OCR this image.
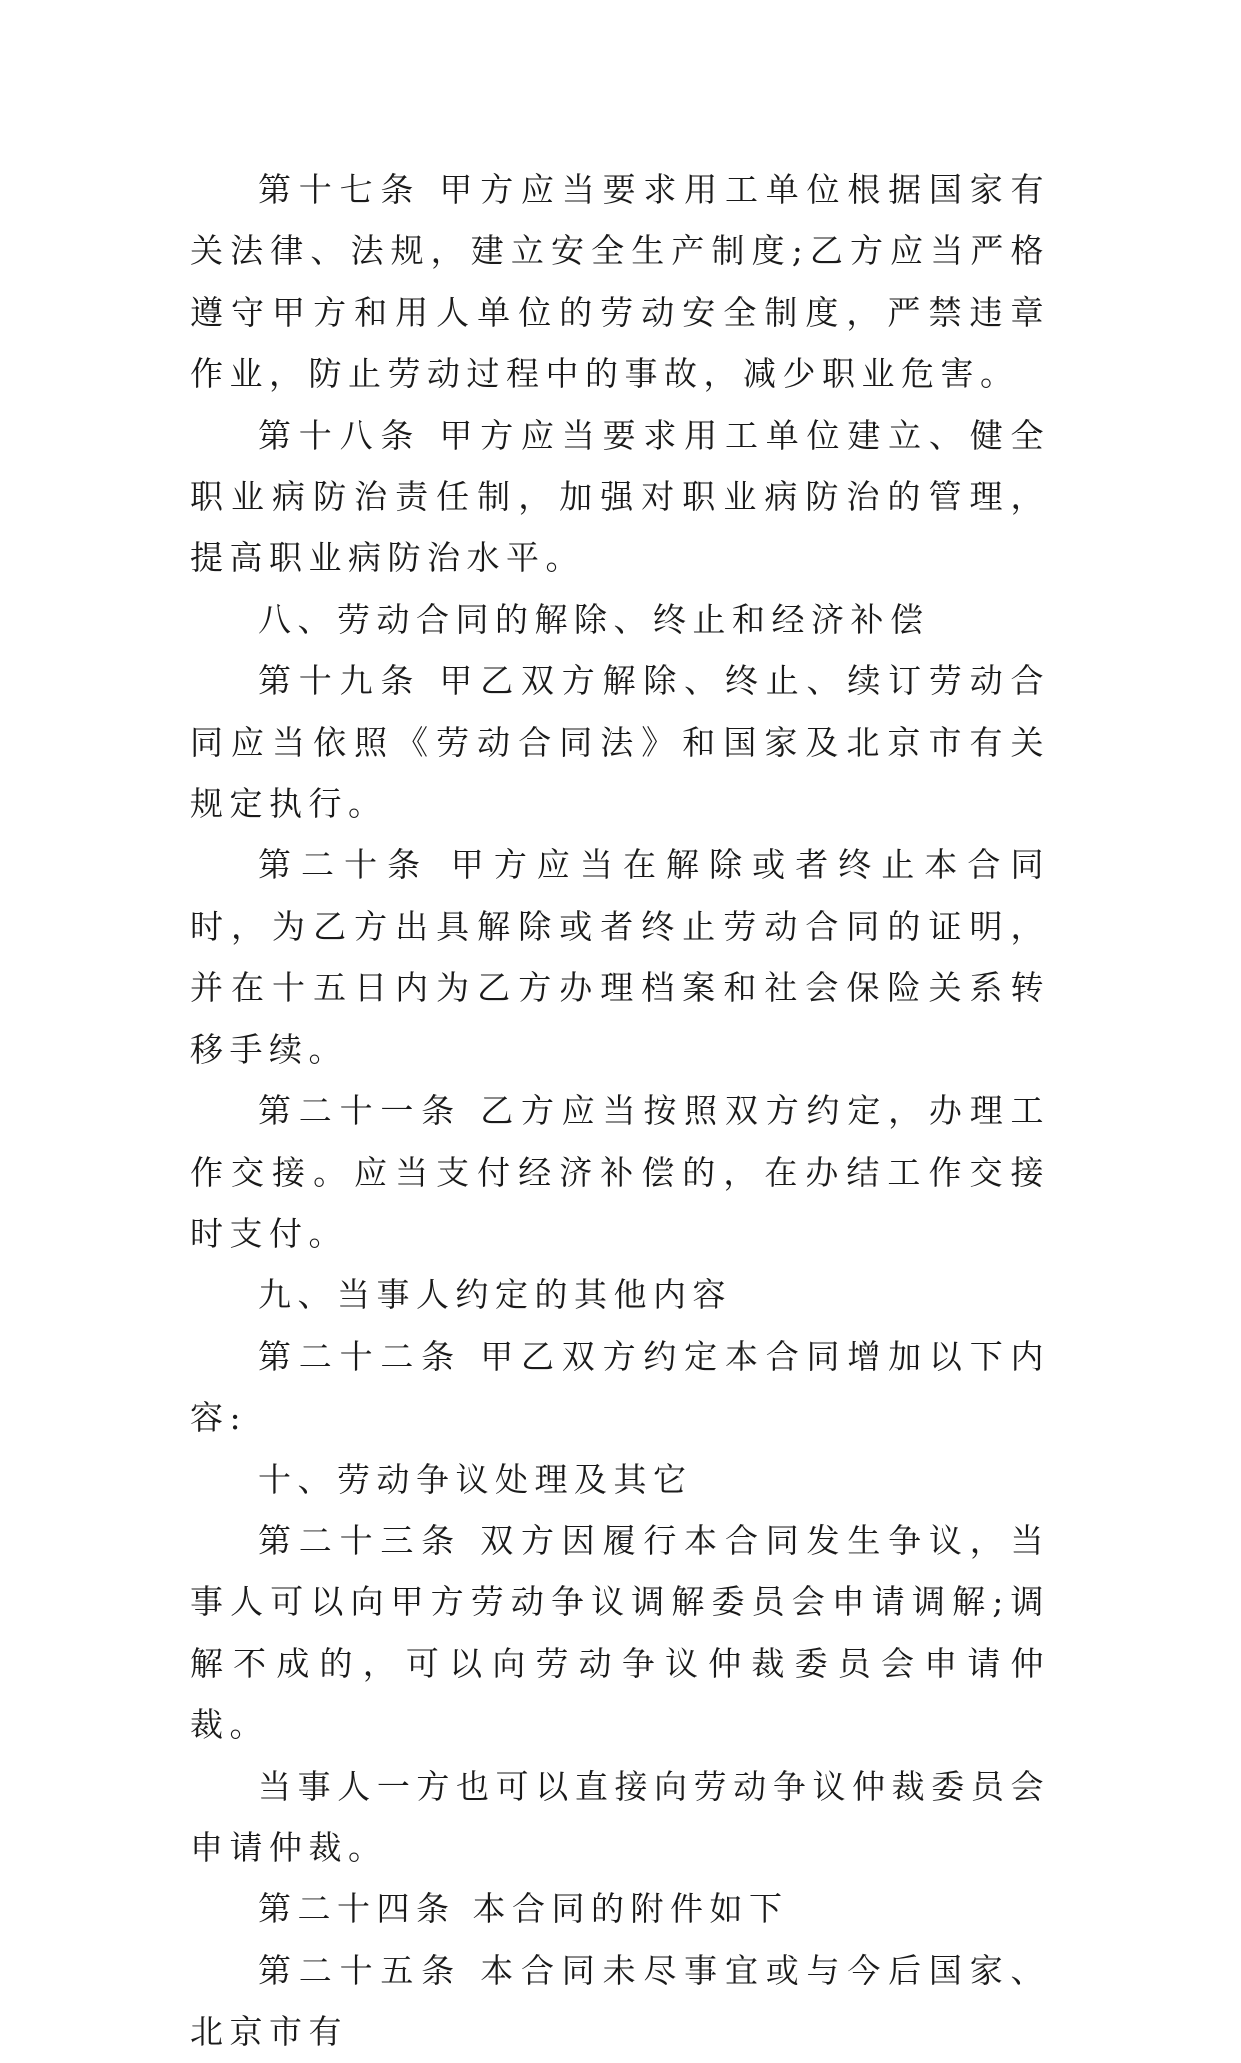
第十七条 甲方应当要求用工单位根据国家有关法律、法规，建立安全生产制度;乙方应当严格遵守甲方和用人单位的劳动安全制度，严禁违章作业，防止劳动过程中的事故，减少职业危害。

第十八条 甲方应当要求用工单位建立、健全职业病防治责任制，加强对职业病防治的管理，提高职业病防治水平。

八、劳动合同的解除、终止和经济补偿

第十九条 甲乙双方解除、终止、续订劳动合同应当依照《劳动合同法》和国家及北京市有关规定执行。

第二十条 甲方应当在解除或者终止本合同时，为乙方出具解除或者终止劳动合同的证明，并在十五日内为乙方办理档案和社会保险关系转移手续。

第二十一条 乙方应当按照双方约定，办理工作交接。应当支付经济补偿的，在办结工作交接时支付。

九、当事人约定的其他内容

第二十二条 甲乙双方约定本合同增加以下内容:

十、劳动争议处理及其它

第二十三条 双方因履行本合同发生争议，当事人可以向甲方劳动争议调解委员会申请调解;调解不成的，可以向劳动争议仲裁委员会申请仲裁。

当事人一方也可以直接向劳动争议仲裁委员会申请仲裁。

第二十四条 本合同的附件如下

第二十五条 本合同未尽事宜或与今后国家、北京市有
